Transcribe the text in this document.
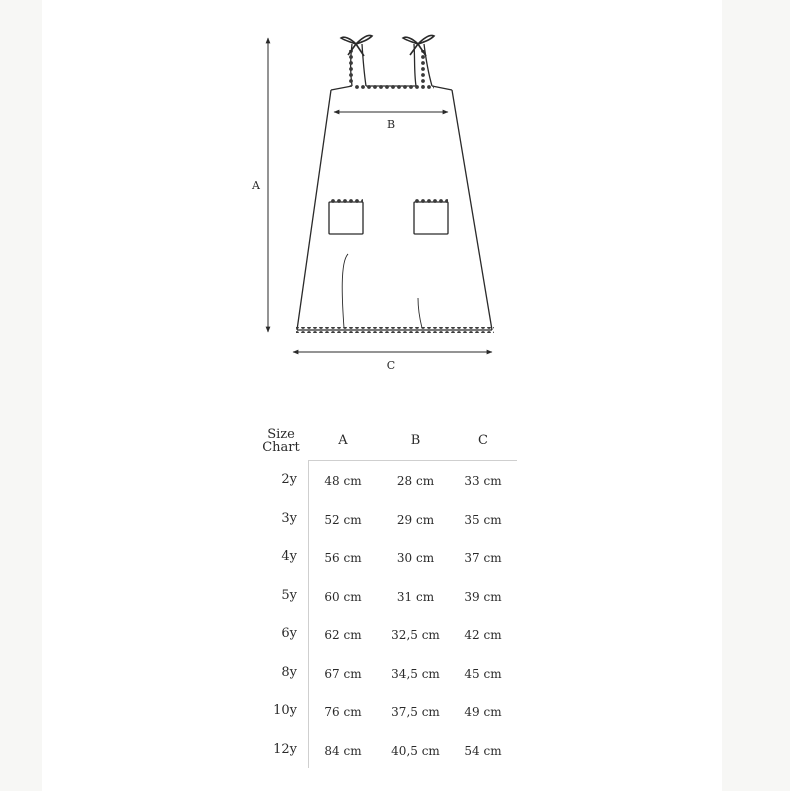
A
B
C
Size
Chart	A	B	C
2y	48 cm	28 cm	33 cm
3y	52 cm	29 cm	35 cm
4y	56 cm	30 cm	37 cm
5y	60 cm	31 cm	39 cm
6y	62 cm	32,5 cm	42 cm
8y	67 cm	34,5 cm	45 cm
10y	76 cm	37,5 cm	49 cm
12y	84 cm	40,5 cm	54 cm
